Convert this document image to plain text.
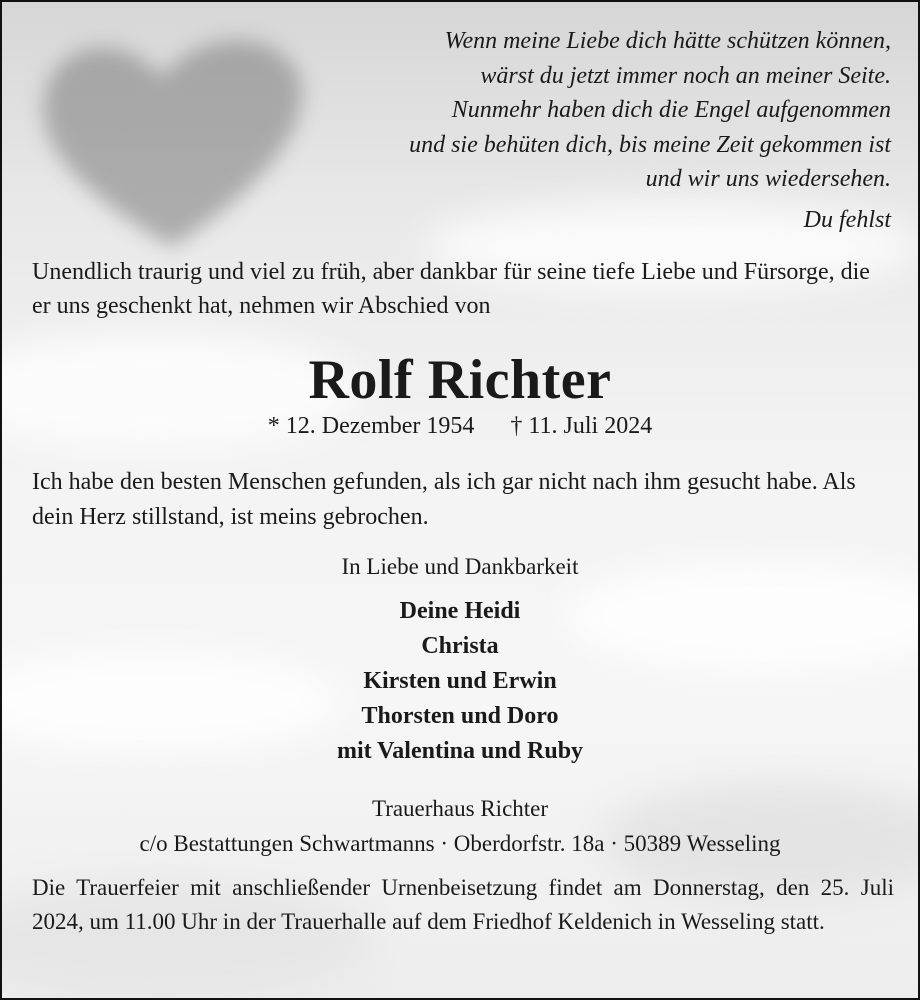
Wenn meine Liebe dich hätte schützen können,
wärst du jetzt immer noch an meiner Seite.
Nunmehr haben dich die Engel aufgenommen
und sie behüten dich, bis meine Zeit gekommen ist
und wir uns wiedersehen.
Du fehlst
Unendlich traurig und viel zu früh, aber dankbar für seine tiefe Liebe und Fürsorge, die er uns geschenkt hat, nehmen wir Abschied von
Rolf Richter
* 12. Dezember 1954 † 11. Juli 2024
Ich habe den besten Menschen gefunden, als ich gar nicht nach ihm gesucht habe. Als dein Herz stillstand, ist meins gebrochen.
In Liebe und Dankbarkeit
Deine Heidi
Christa
Kirsten und Erwin
Thorsten und Doro
mit Valentina und Ruby
Trauerhaus Richter
c/o Bestattungen Schwartmanns · Oberdorfstr. 18a · 50389 Wesseling
Die Trauerfeier mit anschließender Urnenbeisetzung findet am Donnerstag, den 25. Juli 2024, um 11.00 Uhr in der Trauerhalle auf dem Friedhof Keldenich in Wesseling statt.
